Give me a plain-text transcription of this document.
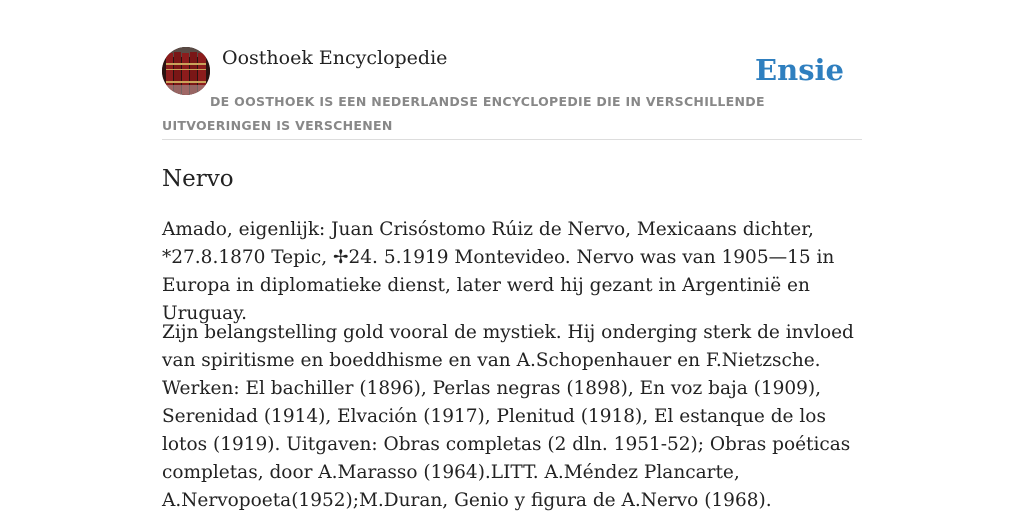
Oosthoek Encyclopedie	Ensie
DE OOSTHOEK IS EEN NEDERLANDSE ENCYCLOPEDIE DIE IN VERSCHILLENDE UITVOERINGEN IS VERSCHENEN
Nervo

Amado, eigenlijk: Juan Crisóstomo Rúiz de Nervo, Mexicaans dichter, *27.8.1870 Tepic, ✢24. 5.1919 Montevideo. Nervo was van 1905—15 in Europa in diplomatieke dienst, later werd hij gezant in Argentinië en Uruguay.

Zijn belangstelling gold vooral de mystiek. Hij onderging sterk de invloed van spiritisme en boeddhisme en van A.Schopenhauer en F.Nietzsche. Werken: El bachiller (1896), Perlas negras (1898), En voz baja (1909), Serenidad (1914), Elvación (1917), Plenitud (1918), El estanque de los lotos (1919). Uitgaven: Obras completas (2 dln. 1951-52); Obras poéticas completas, door A.Marasso (1964).LITT. A.Méndez Plancarte, A.Nervopoeta(1952);M.Duran, Genio y figura de A.Nervo (1968).
